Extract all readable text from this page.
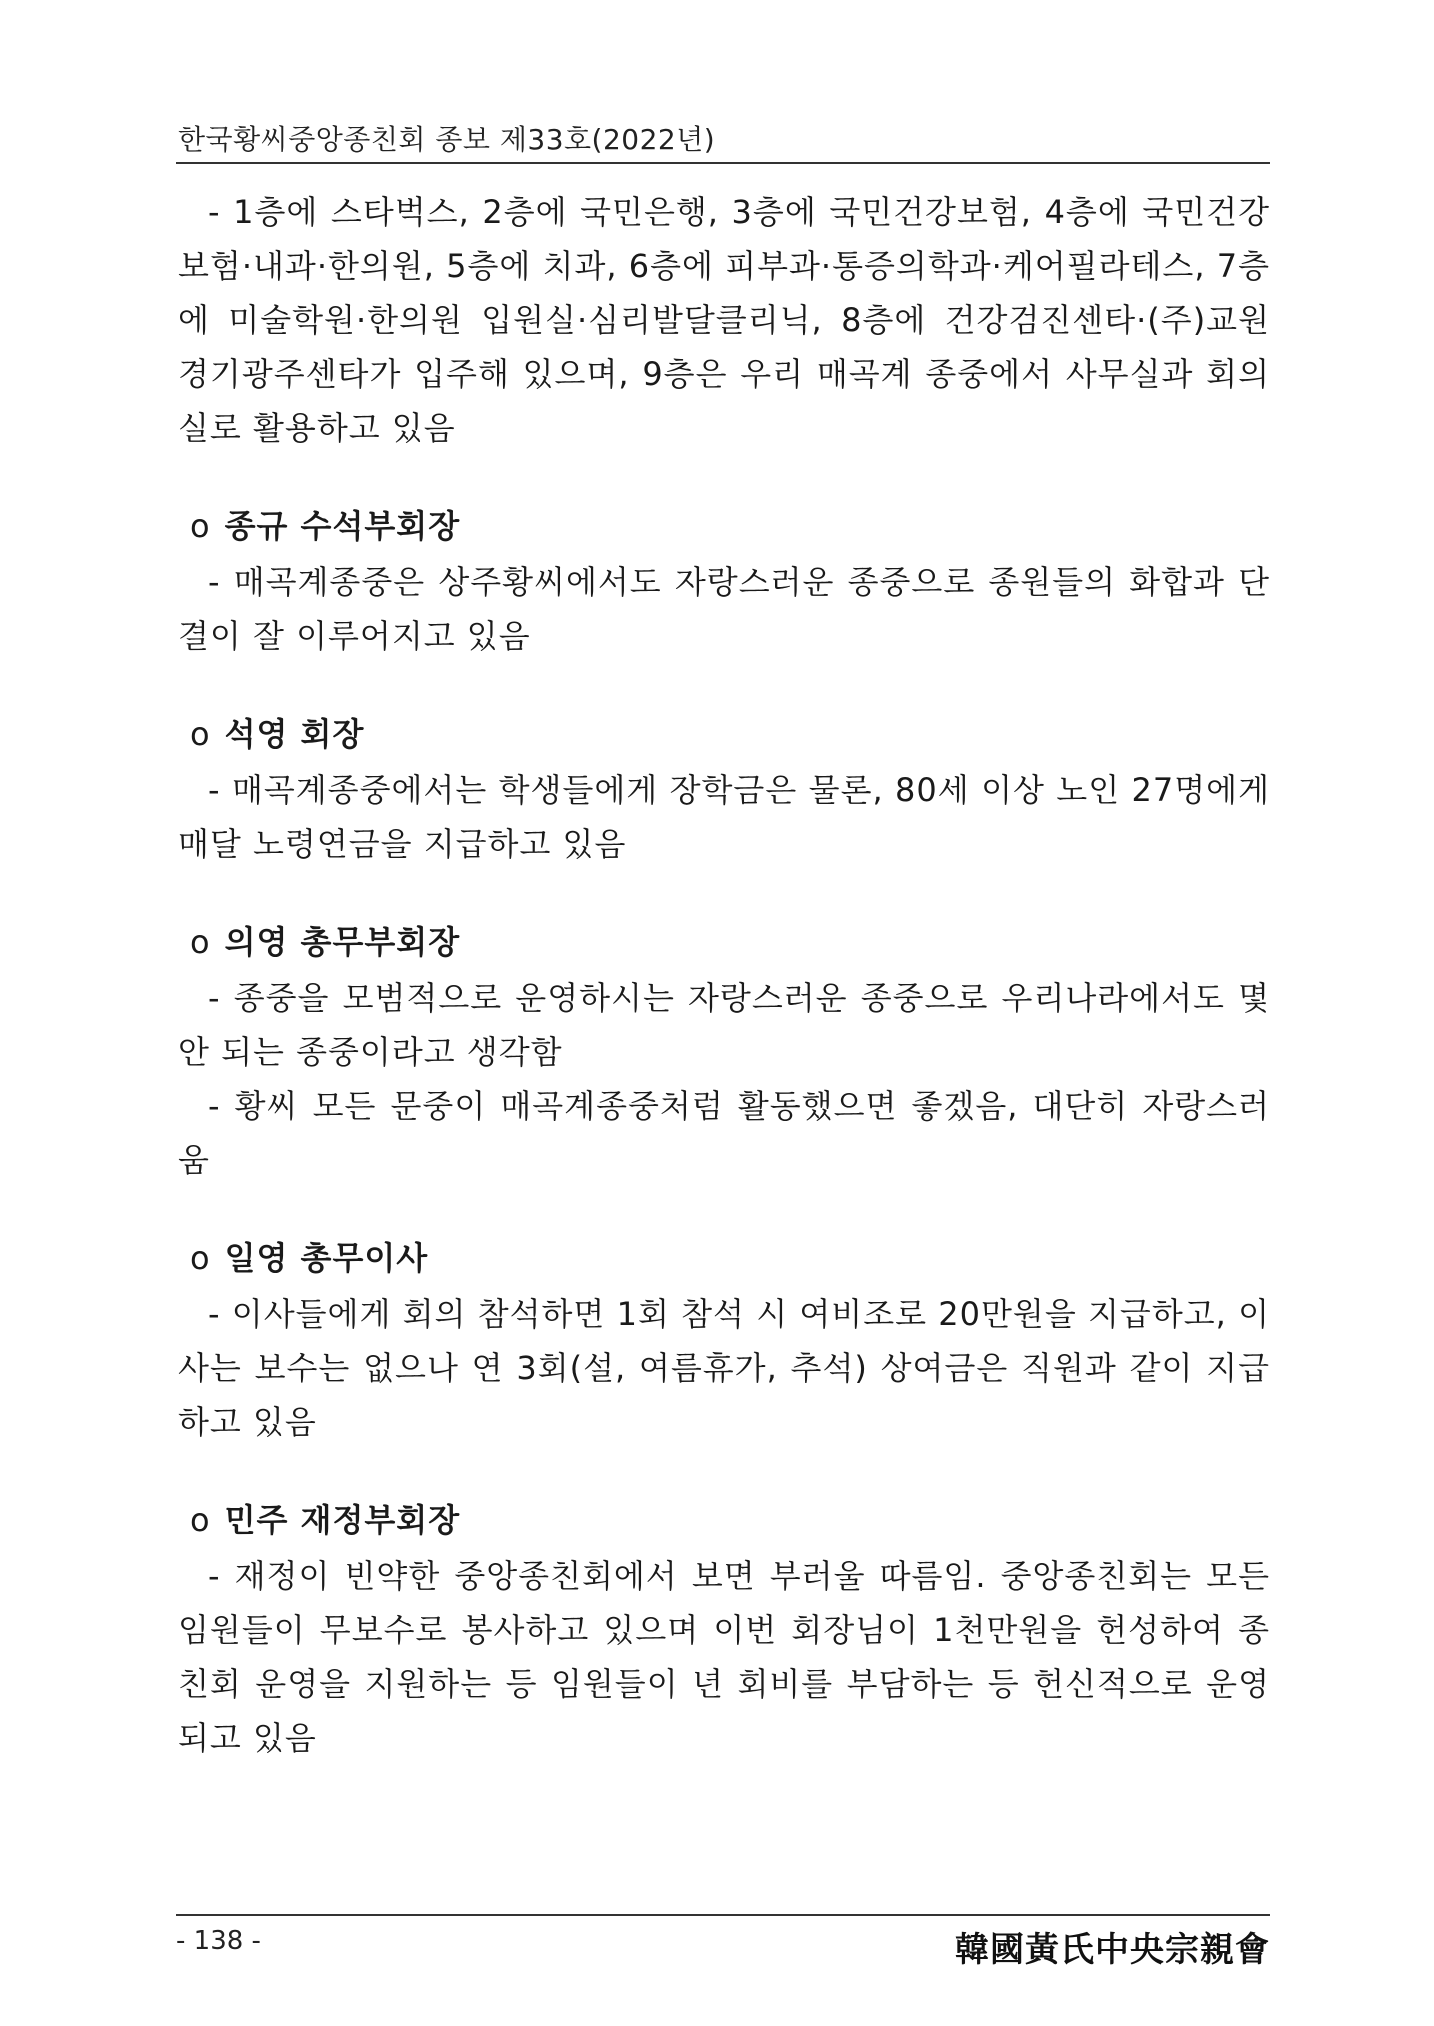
한국황씨중앙종친회 종보 제33호(2022년)

- 1층에 스타벅스, 2층에 국민은행, 3층에 국민건강보험, 4층에 국민건강보험·내과·한의원, 5층에 치과, 6층에 피부과·통증의학과·케어필라테스, 7층에 미술학원·한의원 입원실·심리발달클리닉, 8층에 건강검진센타·(주)교원 경기광주센타가 입주해 있으며, 9층은 우리 매곡계 종중에서 사무실과 회의실로 활용하고 있음

o 종규 수석부회장

- 매곡계종중은 상주황씨에서도 자랑스러운 종중으로 종원들의 화합과 단결이 잘 이루어지고 있음

o 석영 회장

- 매곡계종중에서는 학생들에게 장학금은 물론, 80세 이상 노인 27명에게 매달 노령연금을 지급하고 있음

o 의영 총무부회장

- 종중을 모범적으로 운영하시는 자랑스러운 종중으로 우리나라에서도 몇 안 되는 종중이라고 생각함

- 황씨 모든 문중이 매곡계종중처럼 활동했으면 좋겠음, 대단히 자랑스러움

o 일영 총무이사

- 이사들에게 회의 참석하면 1회 참석 시 여비조로 20만원을 지급하고, 이사는 보수는 없으나 연 3회(설, 여름휴가, 추석) 상여금은 직원과 같이 지급하고 있음

o 민주 재정부회장

- 재정이 빈약한 중앙종친회에서 보면 부러울 따름임. 중앙종친회는 모든 임원들이 무보수로 봉사하고 있으며 이번 회장님이 1천만원을 헌성하여 종친회 운영을 지원하는 등 임원들이 년 회비를 부담하는 등 헌신적으로 운영되고 있음

- 138 -	韓國黃氏中央宗親會
